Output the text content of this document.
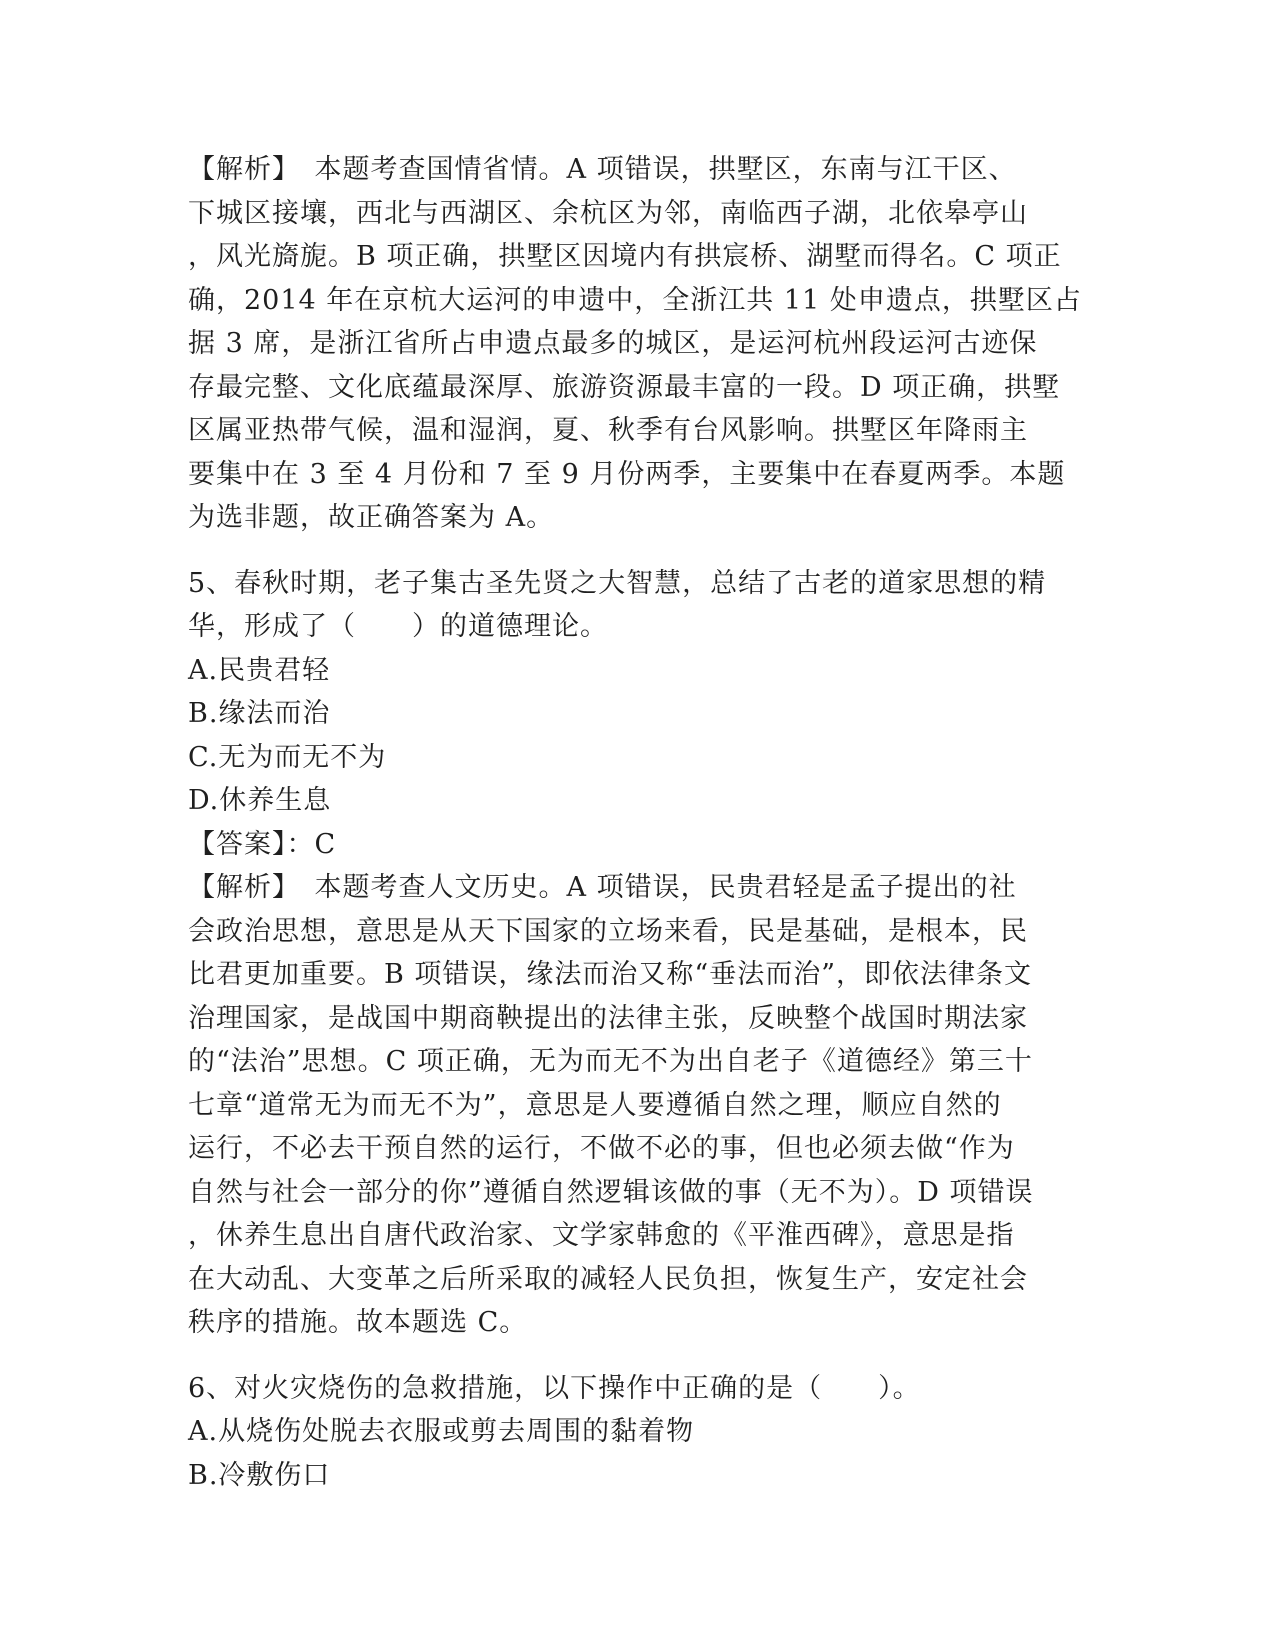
【解析】　本题考查国情省情。A 项错误，拱墅区，东南与江干区、
下城区接壤，西北与西湖区、余杭区为邻，南临西子湖，北依皋亭山
，风光旖旎。B 项正确，拱墅区因境内有拱宸桥、湖墅而得名。C 项正
确，2014 年在京杭大运河的申遗中，全浙江共 11 处申遗点，拱墅区占
据 3 席，是浙江省所占申遗点最多的城区，是运河杭州段运河古迹保
存最完整、文化底蕴最深厚、旅游资源最丰富的一段。D 项正确，拱墅
区属亚热带气候，温和湿润，夏、秋季有台风影响。拱墅区年降雨主
要集中在 3 至 4 月份和 7 至 9 月份两季，主要集中在春夏两季。本题
为选非题，故正确答案为 A。
5、春秋时期，老子集古圣先贤之大智慧，总结了古老的道家思想的精
华，形成了（　　）的道德理论。
A.民贵君轻
B.缘法而治
C.无为而无不为
D.休养生息
【答案】：C
【解析】　本题考查人文历史。A 项错误，民贵君轻是孟子提出的社
会政治思想，意思是从天下国家的立场来看，民是基础，是根本，民
比君更加重要。B 项错误，缘法而治又称“垂法而治”，即依法律条文
治理国家，是战国中期商鞅提出的法律主张，反映整个战国时期法家
的“法治”思想。C 项正确，无为而无不为出自老子《道德经》第三十
七章“道常无为而无不为”，意思是人要遵循自然之理，顺应自然的
运行，不必去干预自然的运行，不做不必的事，但也必须去做“作为
自然与社会一部分的你”遵循自然逻辑该做的事（无不为）。D 项错误
，休养生息出自唐代政治家、文学家韩愈的《平淮西碑》，意思是指
在大动乱、大变革之后所采取的减轻人民负担，恢复生产，安定社会
秩序的措施。故本题选 C。
6、对火灾烧伤的急救措施，以下操作中正确的是（　　）。
A.从烧伤处脱去衣服或剪去周围的黏着物
B.冷敷伤口
